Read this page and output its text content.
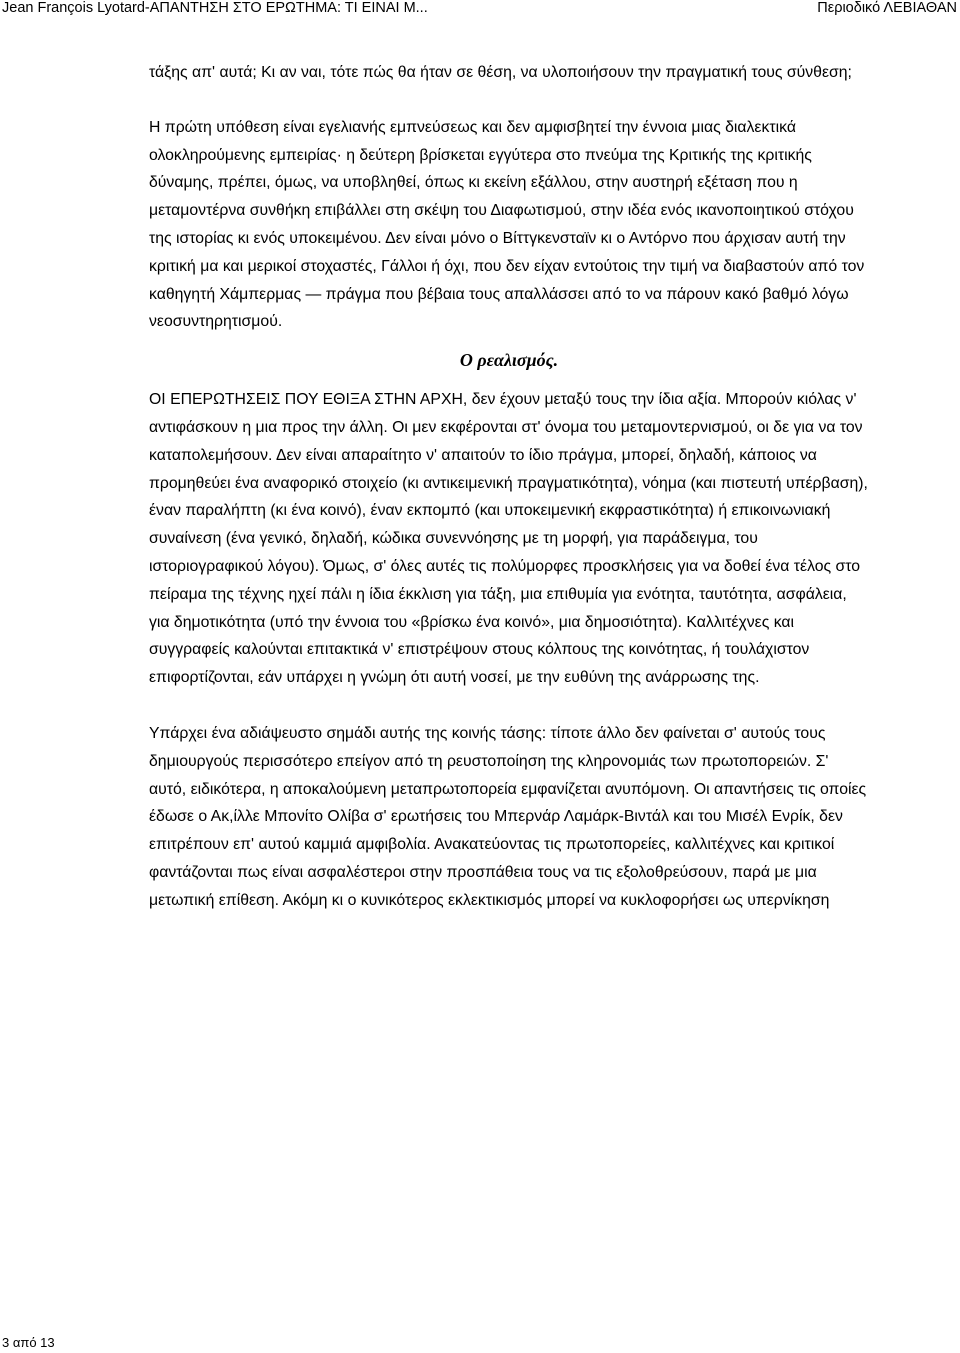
Jean François Lyotard-ΑΠΑΝΤΗΣΗ ΣΤΟ ΕΡΩΤΗΜΑ: ΤΙ ΕΙΝΑΙ Μ...	Περιοδικό ΛΕΒΙΑΘΑΝ

τάξης απ' αυτά; Κι αν ναι, τότε πώς θα ήταν σε θέση, να υλοποιήσουν την πραγματική τους σύνθεση;

Η πρώτη υπόθεση είναι εγελιανής εμπνεύσεως και δεν αμφισβητεί την έννοια μιας διαλεκτικά ολοκληρούμενης εμπειρίας· η δεύτερη βρίσκεται εγγύτερα στο πνεύμα της Κριτικής της κριτικής δύναμης, πρέπει, όμως, να υποβληθεί, όπως κι εκείνη εξάλλου, στην αυστηρή εξέταση που η μεταμοντέρνα συνθήκη επιβάλλει στη σκέψη του Διαφωτισμού, στην ιδέα ενός ικανοποιητικού στόχου της ιστορίας κι ενός υποκειμένου. Δεν είναι μόνο ο Βίττγκενσταϊν κι ο Αντόρνο που άρχισαν αυτή την κριτική μα και μερικοί στοχαστές, Γάλλοι ή όχι, που δεν είχαν εντούτοις την τιμή να διαβαστούν από τον καθηγητή Χάμπερμας — πράγμα που βέβαια τους απαλλάσσει από το να πάρουν κακό βαθμό λόγω νεοσυντηρητισμού.

Ο ρεαλισμός.

ΟΙ ΕΠΕΡΩΤΗΣΕΙΣ ΠΟΥ ΕΘΙΞΑ ΣΤΗΝ ΑΡΧΗ, δεν έχουν μεταξύ τους την ίδια αξία. Μπορούν κιόλας ν' αντιφάσκουν η μια προς την άλλη. Οι μεν εκφέρονται στ' όνομα του μεταμοντερνισμού, οι δε για να τον καταπολεμήσουν. Δεν είναι απαραίτητο ν' απαιτούν το ίδιο πράγμα, μπορεί, δηλαδή, κάποιος να προμηθεύει ένα αναφορικό στοιχείο (κι αντικειμενική πραγματικότητα), νόημα (και πιστευτή υπέρβαση), έναν παραλήπτη (κι ένα κοινό), έναν εκπομπό (και υποκειμενική εκφραστικότητα) ή επικοινωνιακή συναίνεση (ένα γενικό, δηλαδή, κώδικα συνεννόησης με τη μορφή, για παράδειγμα, του ιστοριογραφικού λόγου). Όμως, σ' όλες αυτές τις πολύμορφες προσκλήσεις για να δοθεί ένα τέλος στο πείραμα της τέχνης ηχεί πάλι η ίδια έκκλιση για τάξη, μια επιθυμία για ενότητα, ταυτότητα, ασφάλεια, για δημοτικότητα (υπό την έννοια του «βρίσκω ένα κοινό», μια δημοσιότητα). Καλλιτέχνες και συγγραφείς καλούνται επιτακτικά ν' επιστρέψουν στους κόλπους της κοινότητας, ή τουλάχιστον επιφορτίζονται, εάν υπάρχει η γνώμη ότι αυτή νοσεί, με την ευθύνη της ανάρρωσης της.

Υπάρχει ένα αδιάψευστο σημάδι αυτής της κοινής τάσης: τίποτε άλλο δεν φαίνεται σ' αυτούς τους δημιουργούς περισσότερο επείγον από τη ρευστοποίηση της κληρονομιάς των πρωτοπορειών. Σ' αυτό, ειδικότερα, η αποκαλούμενη μεταπρωτοπορεία εμφανίζεται ανυπόμονη. Οι απαντήσεις τις οποίες έδωσε ο Ακ,ίλλε Μπονίτο Ολίβα σ' ερωτήσεις του Μπερνάρ Λαμάρκ-Βιντάλ και του Μισέλ Ενρίκ, δεν επιτρέπουν επ' αυτού καμμιά αμφιβολία. Ανακατεύοντας τις πρωτοπορείες, καλλιτέχνες και κριτικοί φαντάζονται πως είναι ασφαλέστεροι στην προσπάθεια τους να τις εξολοθρεύσουν, παρά με μια μετωπική επίθεση. Ακόμη κι ο κυνικότερος εκλεκτικισμός μπορεί να κυκλοφορήσει ως υπερνίκηση

3 από 13
